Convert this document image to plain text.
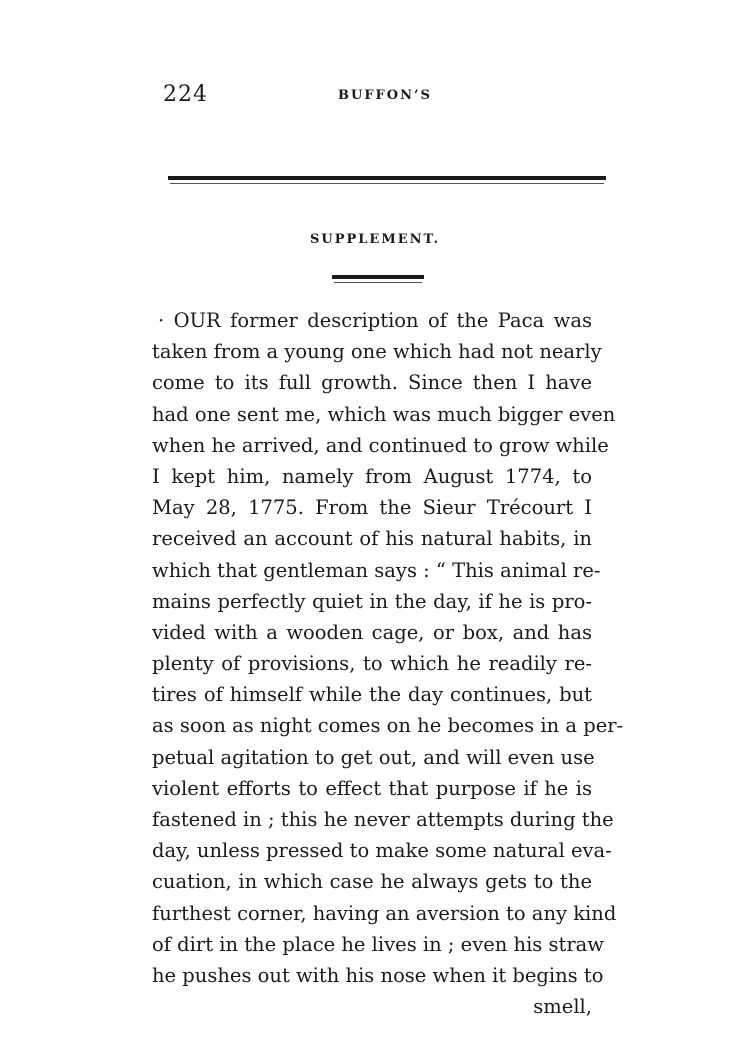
224	BUFFON’S
SUPPLEMENT.
· OUR former description of the Paca was
taken from a young one which had not nearly
come to its full growth. Since then I have
had one sent me, which was much bigger even
when he arrived, and continued to grow while
I kept him, namely from August 1774, to
May 28, 1775. From the Sieur Trécourt I
received an account of his natural habits, in
which that gentleman says : “ This animal re-
mains perfectly quiet in the day, if he is pro-
vided with a wooden cage, or box, and has
plenty of provisions, to which he readily re-
tires of himself while the day continues, but
as soon as night comes on he becomes in a per-
petual agitation to get out, and will even use
violent efforts to effect that purpose if he is
fastened in ; this he never attempts during the
day, unless pressed to make some natural eva-
cuation, in which case he always gets to the
furthest corner, having an aversion to any kind
of dirt in the place he lives in ; even his straw
he pushes out with his nose when it begins to
smell,
